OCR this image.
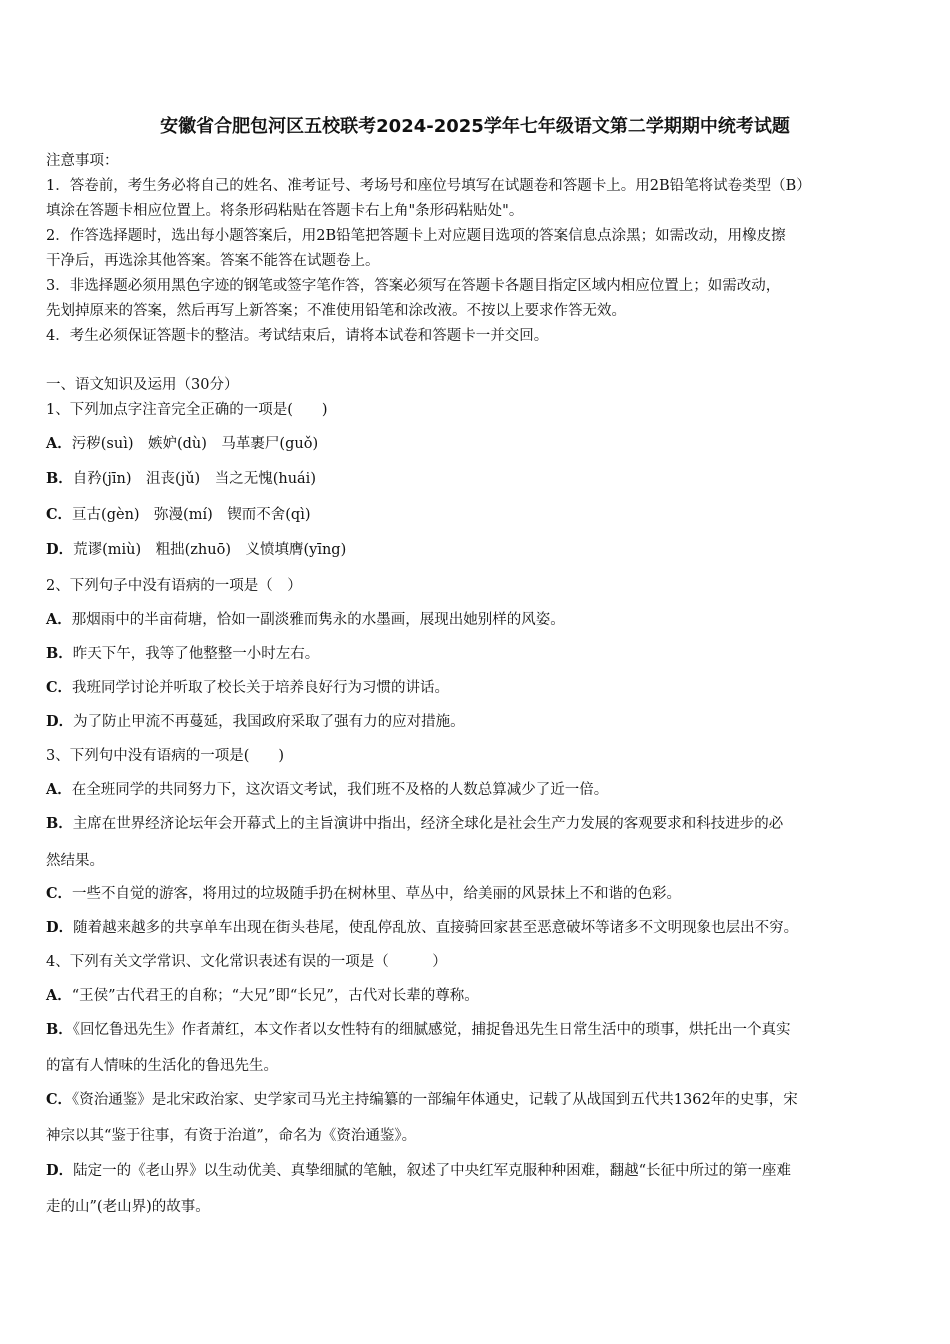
安徽省合肥包河区五校联考2024-2025学年七年级语文第二学期期中统考试题
注意事项：
1．答卷前，考生务必将自己的姓名、准考证号、考场号和座位号填写在试题卷和答题卡上。用2B铅笔将试卷类型（B）
填涂在答题卡相应位置上。将条形码粘贴在答题卡右上角"条形码粘贴处"。
2．作答选择题时，选出每小题答案后，用2B铅笔把答题卡上对应题目选项的答案信息点涂黑；如需改动，用橡皮擦
干净后，再选涂其他答案。答案不能答在试题卷上。
3．非选择题必须用黑色字迹的钢笔或签字笔作答，答案必须写在答题卡各题目指定区域内相应位置上；如需改动，
先划掉原来的答案，然后再写上新答案；不准使用铅笔和涂改液。不按以上要求作答无效。
4．考生必须保证答题卡的整洁。考试结束后，请将本试卷和答题卡一并交回。
一、语文知识及运用（30分）
1、下列加点字注音完全正确的一项是(　　)
A．污秽(suì)　嫉妒(dù)　马革裹尸(guǒ)
B．自矜(jīn)　沮丧(jǔ)　当之无愧(huái)
C．亘古(gèn)　弥漫(mí)　锲而不舍(qì)
D．荒谬(miù)　粗拙(zhuō)　义愤填膺(yīng)
2、下列句子中没有语病的一项是（　）
A．那烟雨中的半亩荷塘，恰如一副淡雅而隽永的水墨画，展现出她别样的风姿。
B．昨天下午，我等了他整整一小时左右。
C．我班同学讨论并听取了校长关于培养良好行为习惯的讲话。
D．为了防止甲流不再蔓延，我国政府采取了强有力的应对措施。
3、下列句中没有语病的一项是(　　)
A．在全班同学的共同努力下，这次语文考试，我们班不及格的人数总算减少了近一倍。
B．主席在世界经济论坛年会开幕式上的主旨演讲中指出，经济全球化是社会生产力发展的客观要求和科技进步的必
然结果。
C．一些不自觉的游客，将用过的垃圾随手扔在树林里、草丛中，给美丽的风景抹上不和谐的色彩。
D．随着越来越多的共享单车出现在街头巷尾，使乱停乱放、直接骑回家甚至恶意破坏等诸多不文明现象也层出不穷。
4、下列有关文学常识、文化常识表述有误的一项是（　　　）
A．“王侯”古代君王的自称；“大兄”即“长兄”，古代对长辈的尊称。
B．《回忆鲁迅先生》作者萧红，本文作者以女性特有的细腻感觉，捕捉鲁迅先生日常生活中的琐事，烘托出一个真实
的富有人情味的生活化的鲁迅先生。
C．《资治通鉴》是北宋政治家、史学家司马光主持编纂的一部编年体通史，记载了从战国到五代共1362年的史事，宋
神宗以其“鉴于往事，有资于治道”，命名为《资治通鉴》。
D．陆定一的《老山界》以生动优美、真挚细腻的笔触，叙述了中央红军克服种种困难，翻越“长征中所过的第一座难
走的山”(老山界)的故事。
